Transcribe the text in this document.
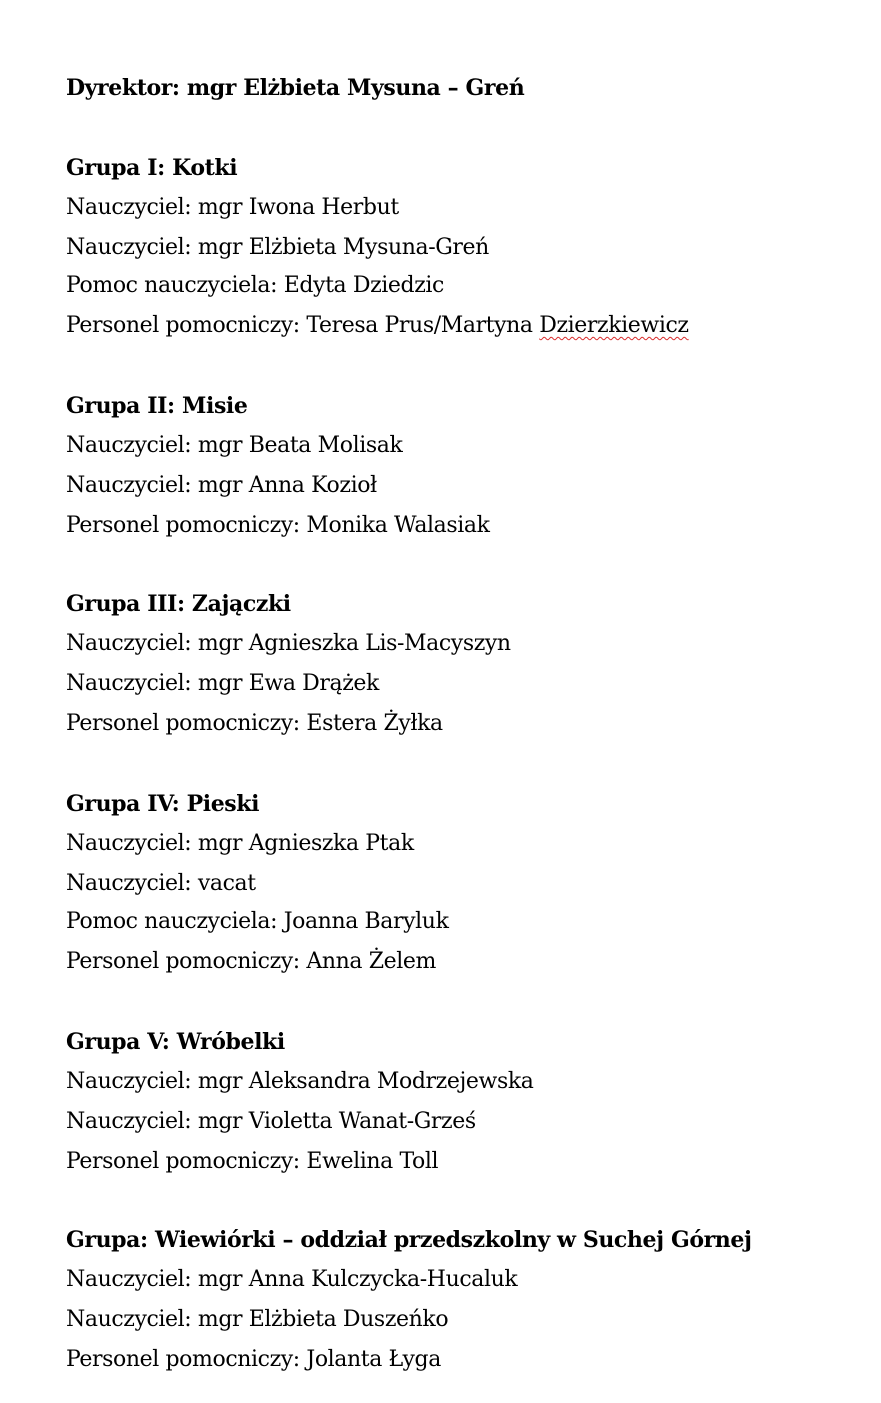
Dyrektor: mgr Elżbieta Mysuna – Greń
Grupa I: Kotki
Nauczyciel: mgr Iwona Herbut
Nauczyciel: mgr Elżbieta Mysuna-Greń
Pomoc nauczyciela: Edyta Dziedzic
Personel pomocniczy: Teresa Prus/Martyna Dzierzkiewicz
Grupa II: Misie
Nauczyciel: mgr Beata Molisak
Nauczyciel: mgr Anna Kozioł
Personel pomocniczy: Monika Walasiak
Grupa III: Zajączki
Nauczyciel: mgr Agnieszka Lis-Macyszyn
Nauczyciel: mgr Ewa Drążek
Personel pomocniczy: Estera Żyłka
Grupa IV: Pieski
Nauczyciel: mgr Agnieszka Ptak
Nauczyciel: vacat
Pomoc nauczyciela: Joanna Baryluk
Personel pomocniczy: Anna Żelem
Grupa V: Wróbelki
Nauczyciel: mgr Aleksandra Modrzejewska
Nauczyciel: mgr Violetta Wanat-Grześ
Personel pomocniczy: Ewelina Toll
Grupa: Wiewiórki – oddział przedszkolny w Suchej Górnej
Nauczyciel: mgr Anna Kulczycka-Hucaluk
Nauczyciel: mgr Elżbieta Duszeńko
Personel pomocniczy: Jolanta Łyga
